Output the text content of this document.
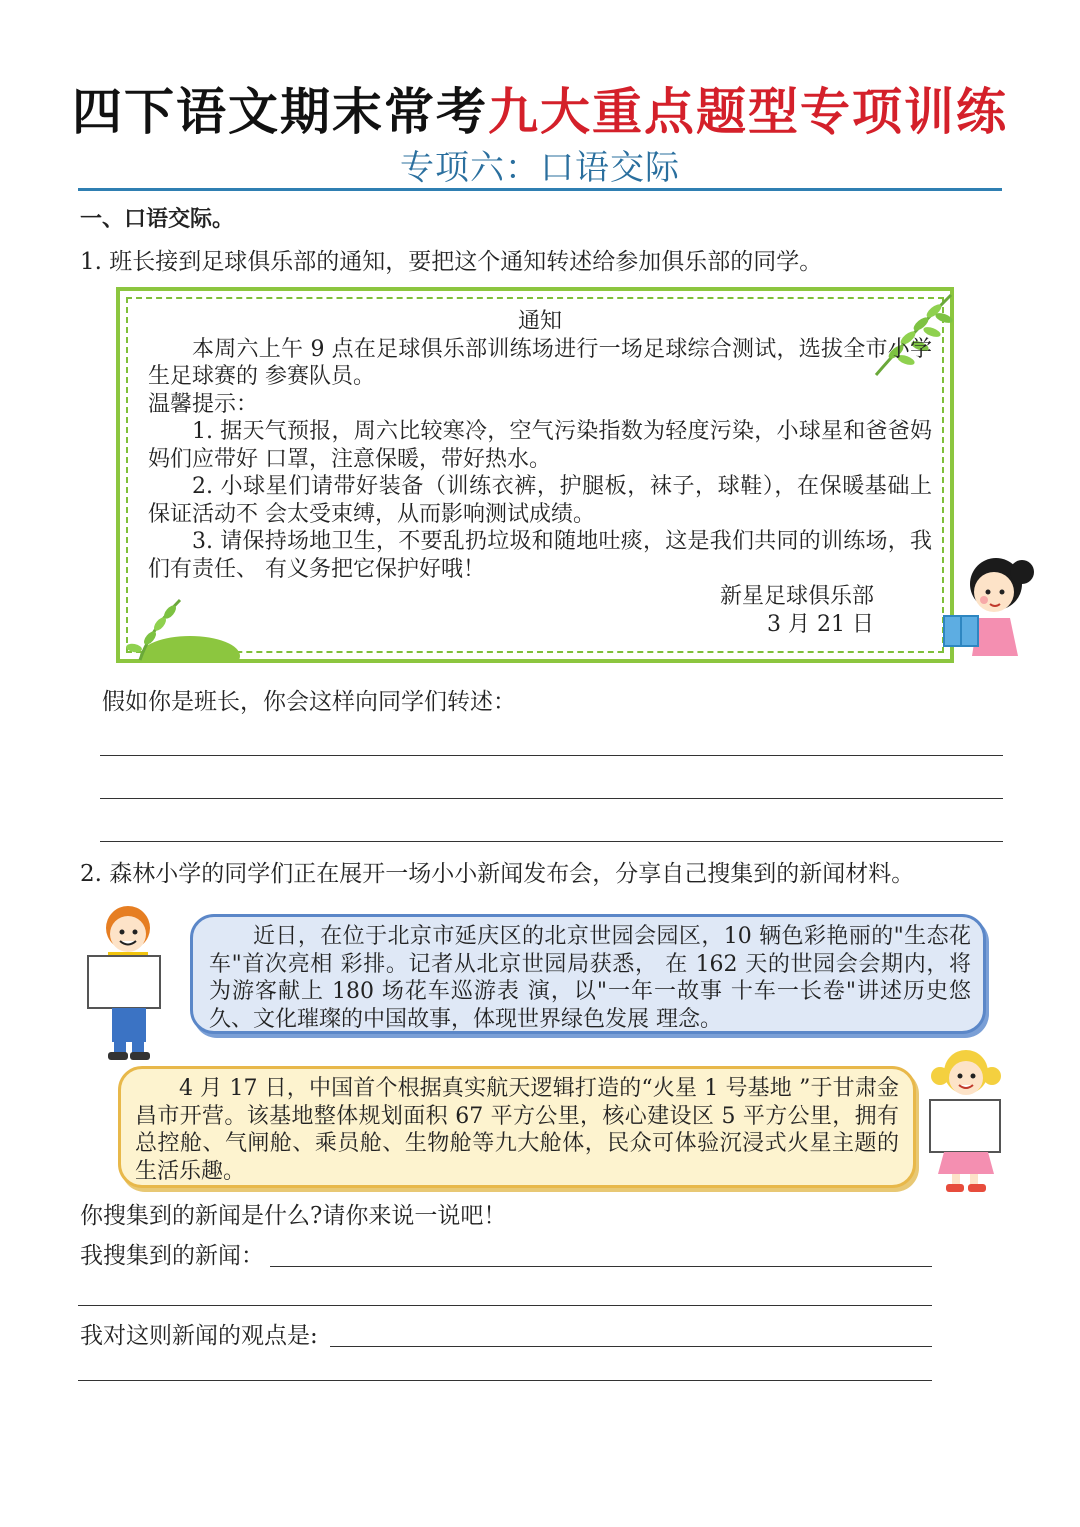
四下语文期末常考九大重点题型专项训练
专项六：口语交际
一、口语交际。
1. 班长接到足球俱乐部的通知，要把这个通知转述给参加俱乐部的同学。
通知
本周六上午 9 点在足球俱乐部训练场进行一场足球综合测试，选拔全市小学生足球赛的 参赛队员。
温馨提示：
1. 据天气预报，周六比较寒冷，空气污染指数为轻度污染，小球星和爸爸妈妈们应带好 口罩，注意保暖，带好热水。
2. 小球星们请带好装备（训练衣裤，护腿板，袜子，球鞋），在保暖基础上保证活动不 会太受束缚，从而影响测试成绩。
3. 请保持场地卫生，不要乱扔垃圾和随地吐痰，这是我们共同的训练场，我们有责任、 有义务把它保护好哦！
新星足球俱乐部
3 月 21 日
假如你是班长，你会这样向同学们转述：
2. 森林小学的同学们正在展开一场小小新闻发布会，分享自己搜集到的新闻材料。
近日，在位于北京市延庆区的北京世园会园区，10 辆色彩艳丽的"生态花车"首次亮相 彩排。记者从北京世园局获悉， 在 162 天的世园会会期内，将为游客献上 180 场花车巡游表 演，以"一年一故事 十车一长卷"讲述历史悠久、文化璀璨的中国故事，体现世界绿色发展 理念。
4 月 17 日，中国首个根据真实航天逻辑打造的“火星 1 号基地 ”于甘肃金昌市开营。该基地整体规划面积 67 平方公里，核心建设区 5 平方公里，拥有总控舱、气闸舱、乘员舱、生物舱等九大舱体，民众可体验沉浸式火星主题的生活乐趣。
你搜集到的新闻是什么?请你来说一说吧！
我搜集到的新闻：
我对这则新闻的观点是:
